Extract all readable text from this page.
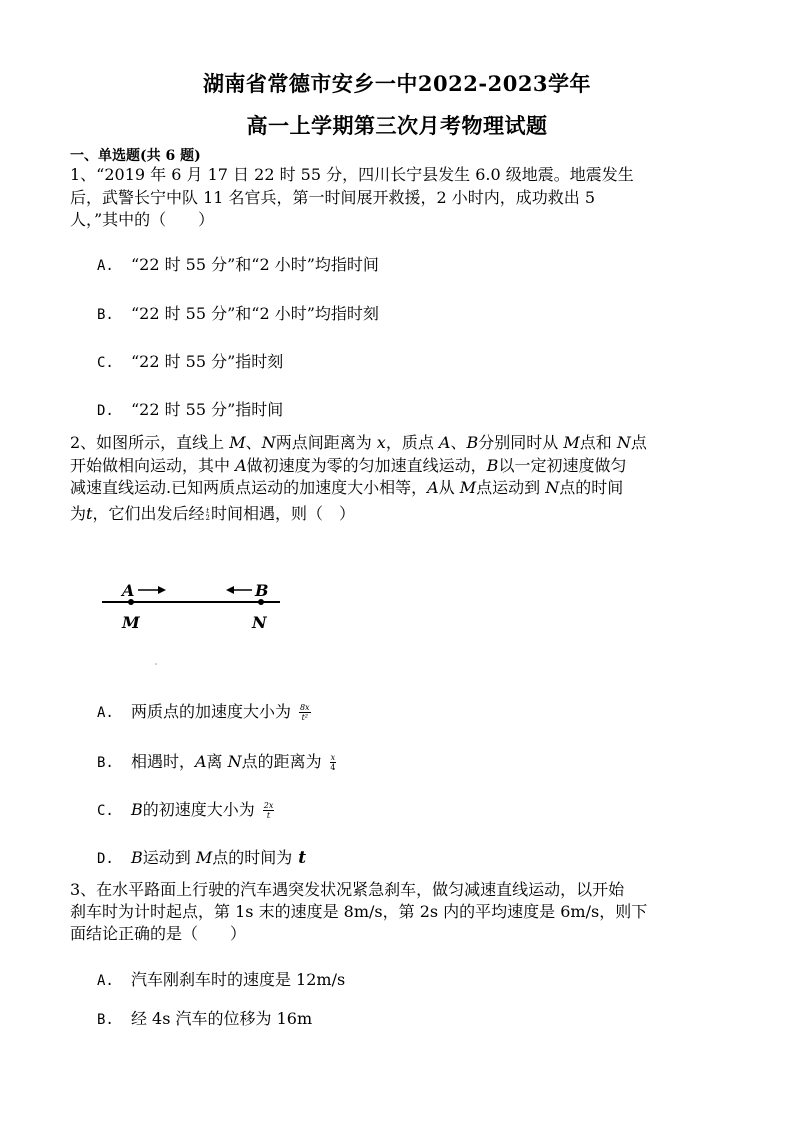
湖南省常德市安乡一中2022-2023学年
高一上学期第三次月考物理试题
一、单选题(共 6 题)
1、“2019 年 6 月 17 日 22 时 55 分，四川长宁县发生 6.0 级地震。地震发生
后，武警长宁中队 11 名官兵，第一时间展开救援，2 小时内，成功救出 5
人，”其中的（　　）
A. “22 时 55 分”和“2 小时”均指时间
B. “22 时 55 分”和“2 小时”均指时刻
C. “22 时 55 分”指时刻
D. “22 时 55 分”指时间
2、如图所示，直线上 M、N两点间距离为 x，质点 A、B分别同时从 M点和 N点
开始做相向运动，其中 A做初速度为零的匀加速直线运动，B以一定初速度做匀
减速直线运动.已知两质点运动的加速度大小相等，A从 M点运动到 N点的时间
为t，它们出发后经 t
2 时间相遇，则（　）
A	B
M	N
A. 两质点的加速度大小为 $\frac{8x}{\text{t²}}$
B. 相遇时，A离 N点的距离为 $\frac{x}{4}$
C. B的初速度大小为 $\frac{2x}{t}$
D. B运动到 M点的时间为 t
3、在水平路面上行驶的汽车遇突发状况紧急刹车，做匀减速直线运动，以开始
刹车时为计时起点，第 1s 末的速度是 8m/s，第 2s 内的平均速度是 6m/s，则下
面结论正确的是（　　）
A. 汽车刚刹车时的速度是 12m/s
B. 经 4s 汽车的位移为 16m
